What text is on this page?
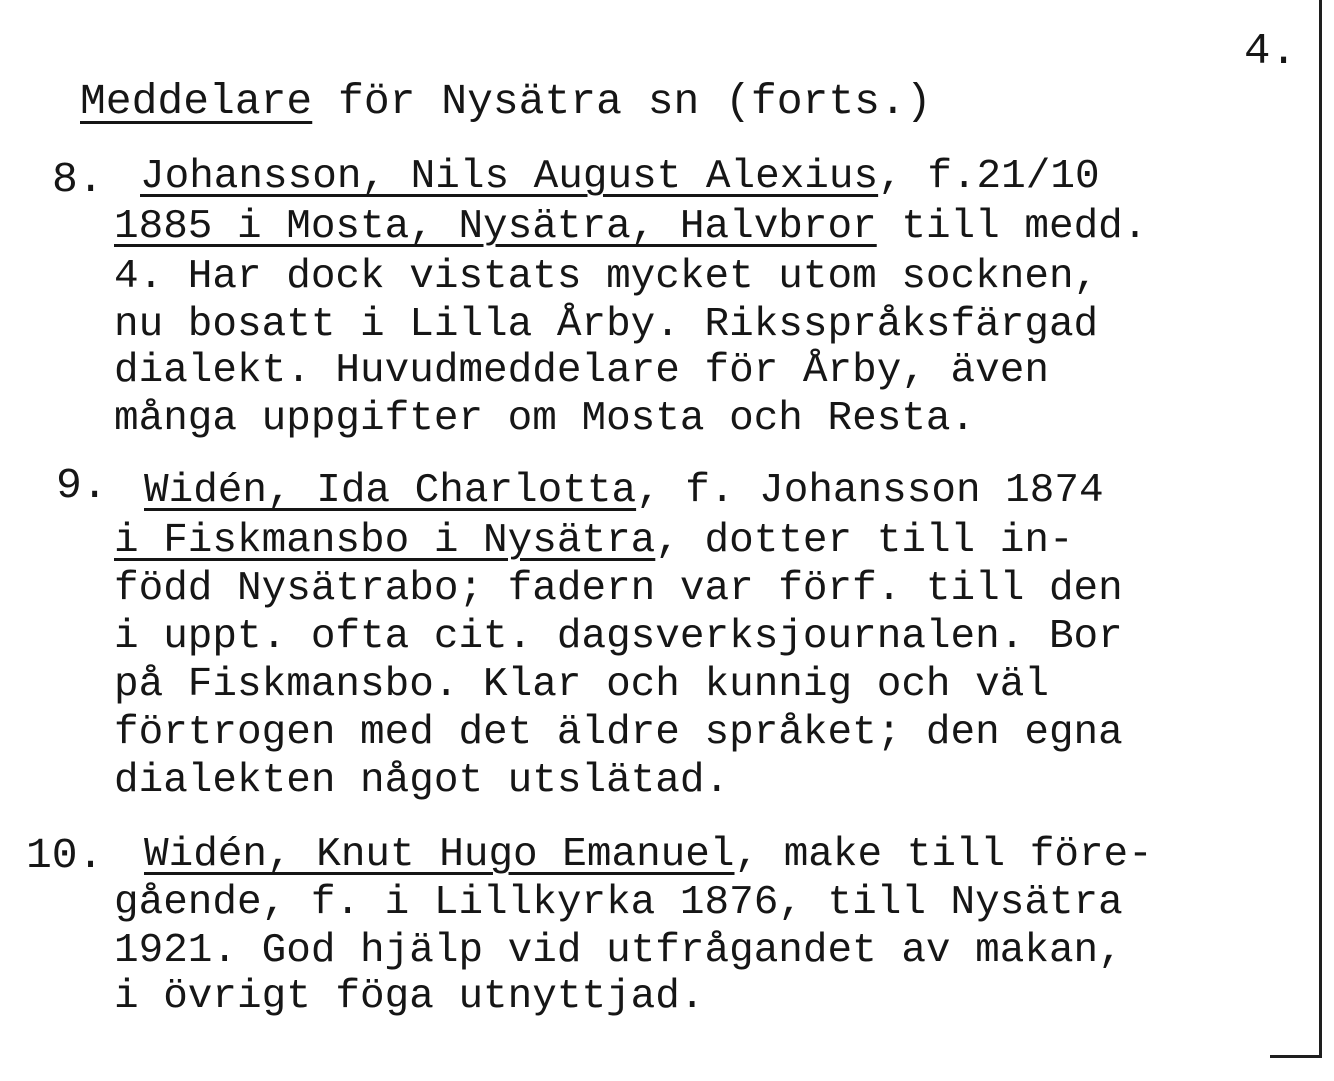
4.
Meddelare för Nysätra sn (forts.)
8. Johansson, Nils August Alexius, f.21/10
1885 i Mosta, Nysätra, Halvbror till medd.
4. Har dock vistats mycket utom socknen,
nu bosatt i Lilla Årby. Riksspråksfärgad
dialekt. Huvudmeddelare för Årby, även
många uppgifter om Mosta och Resta.
9. Widén, Ida Charlotta, f. Johansson 1874
i Fiskmansbo i Nysätra, dotter till in-
född Nysätrabo; fadern var förf. till den
i uppt. ofta cit. dagsverksjournalen. Bor
på Fiskmansbo. Klar och kunnig och väl
förtrogen med det äldre språket; den egna
dialekten något utslätad.
10. Widén, Knut Hugo Emanuel, make till före-
gående, f. i Lillkyrka 1876, till Nysätra
1921. God hjälp vid utfrågandet av makan,
i övrigt föga utnyttjad.
